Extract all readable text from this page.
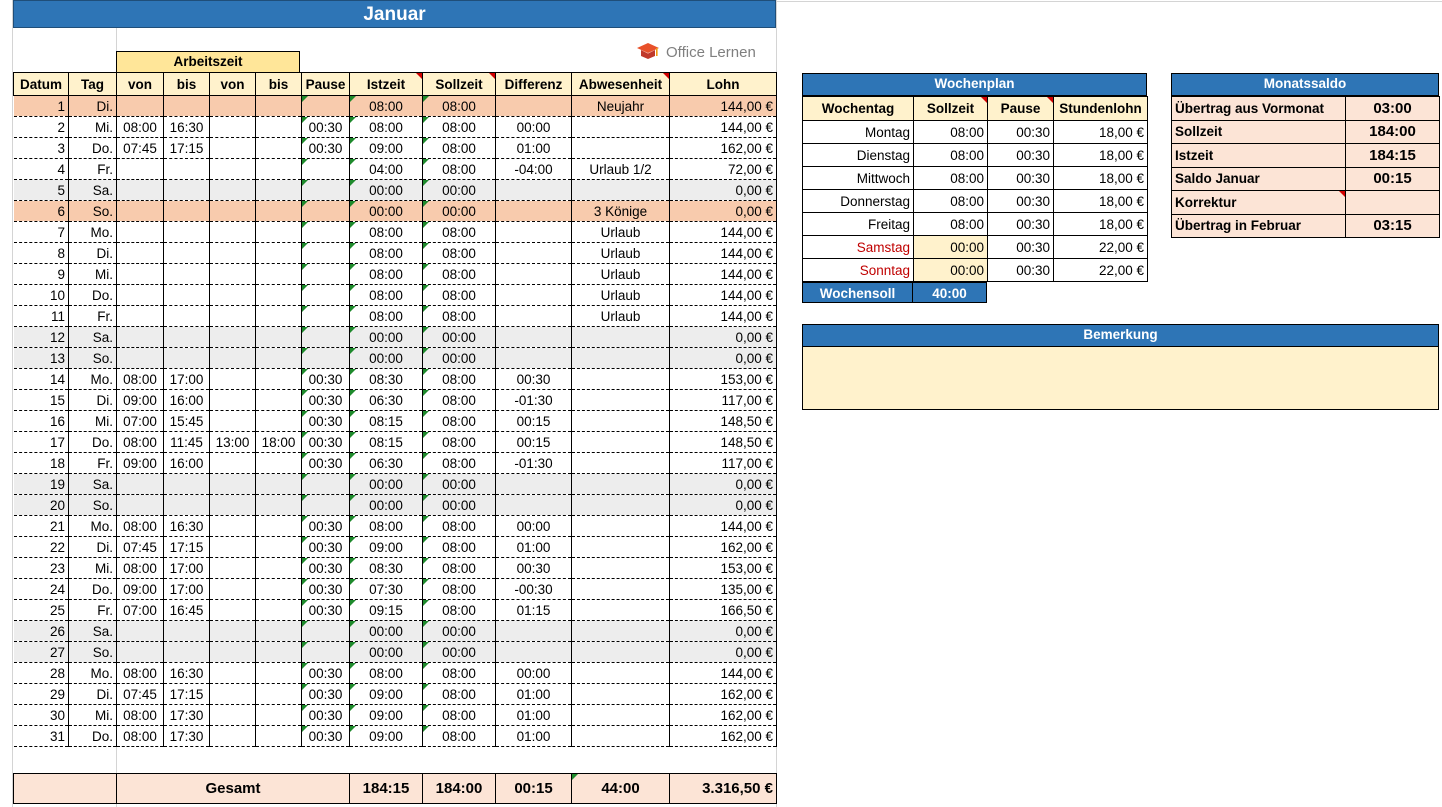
Januar
Office Lernen
Arbeitszeit
Datum	Tag	von	bis	von	bis	Pause	Istzeit	Sollzeit	Differenz	Abwesenheit	Lohn
1	Di.						08:00	08:00		Neujahr	144,00 €
2	Mi.	08:00	16:30			00:30	08:00	08:00	00:00		144,00 €
3	Do.	07:45	17:15			00:30	09:00	08:00	01:00		162,00 €
4	Fr.						04:00	08:00	-04:00	Urlaub 1/2	72,00 €
5	Sa.						00:00	00:00			0,00 €
6	So.						00:00	00:00		3 Könige	0,00 €
7	Mo.						08:00	08:00		Urlaub	144,00 €
8	Di.						08:00	08:00		Urlaub	144,00 €
9	Mi.						08:00	08:00		Urlaub	144,00 €
10	Do.						08:00	08:00		Urlaub	144,00 €
11	Fr.						08:00	08:00		Urlaub	144,00 €
12	Sa.						00:00	00:00			0,00 €
13	So.						00:00	00:00			0,00 €
14	Mo.	08:00	17:00			00:30	08:30	08:00	00:30		153,00 €
15	Di.	09:00	16:00			00:30	06:30	08:00	-01:30		117,00 €
16	Mi.	07:00	15:45			00:30	08:15	08:00	00:15		148,50 €
17	Do.	08:00	11:45	13:00	18:00	00:30	08:15	08:00	00:15		148,50 €
18	Fr.	09:00	16:00			00:30	06:30	08:00	-01:30		117,00 €
19	Sa.						00:00	00:00			0,00 €
20	So.						00:00	00:00			0,00 €
21	Mo.	08:00	16:30			00:30	08:00	08:00	00:00		144,00 €
22	Di.	07:45	17:15			00:30	09:00	08:00	01:00		162,00 €
23	Mi.	08:00	17:00			00:30	08:30	08:00	00:30		153,00 €
24	Do.	09:00	17:00			00:30	07:30	08:00	-00:30		135,00 €
25	Fr.	07:00	16:45			00:30	09:15	08:00	01:15		166,50 €
26	Sa.						00:00	00:00			0,00 €
27	So.						00:00	00:00			0,00 €
28	Mo.	08:00	16:30			00:30	08:00	08:00	00:00		144,00 €
29	Di.	07:45	17:15			00:30	09:00	08:00	01:00		162,00 €
30	Mi.	08:00	17:30			00:30	09:00	08:00	01:00		162,00 €
31	Do.	08:00	17:30			00:30	09:00	08:00	01:00		162,00 €
	Gesamt	184:15	184:00	00:15	44:00	3.316,50 €
Wochenplan
Wochentag	Sollzeit	Pause	Stundenlohn
Montag	08:00	00:30	18,00 €
Dienstag	08:00	00:30	18,00 €
Mittwoch	08:00	00:30	18,00 €
Donnerstag	08:00	00:30	18,00 €
Freitag	08:00	00:30	18,00 €
Samstag	00:00	00:30	22,00 €
Sonntag	00:00	00:30	22,00 €
Wochensoll	40:00
Monatssaldo
Übertrag aus Vormonat	03:00
Sollzeit	184:00
Istzeit	184:15
Saldo Januar	00:15
Korrektur	
Übertrag in Februar	03:15
Bemerkung
